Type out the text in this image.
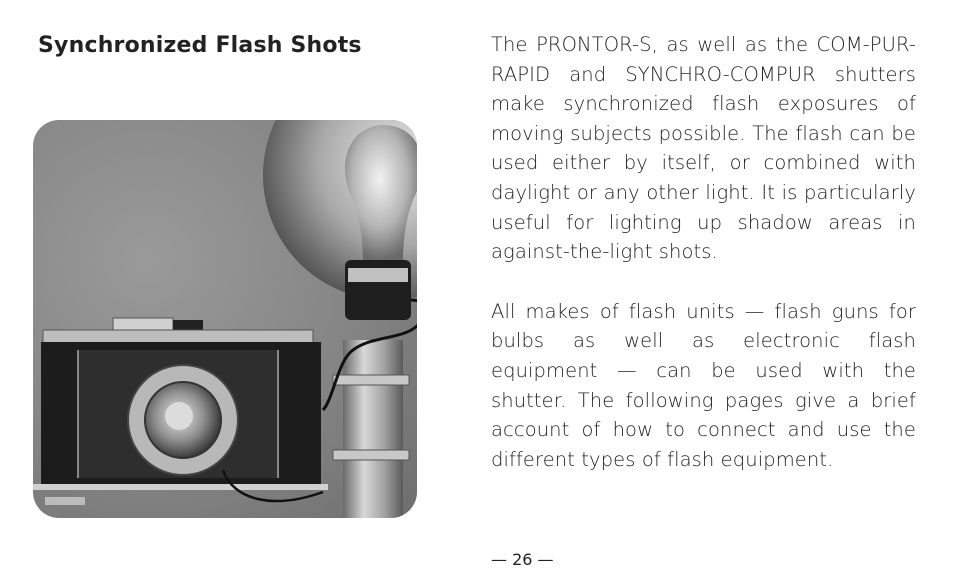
Synchronized Flash Shots	The PRONTOR-S, as well as the COM-PUR-RAPID and SYNCHRO-COMPUR shutters make synchronized flash exposures of moving subjects possible. The flash can be used either by itself, or combined with daylight or any other light. It is particularly useful for lighting up shadow areas in against-the-light shots.

All makes of flash units — flash guns for bulbs as well as electronic flash equipment — can be used with the shutter. The following pages give a brief account of how to connect and use the different types of flash equipment.

— 26 —
